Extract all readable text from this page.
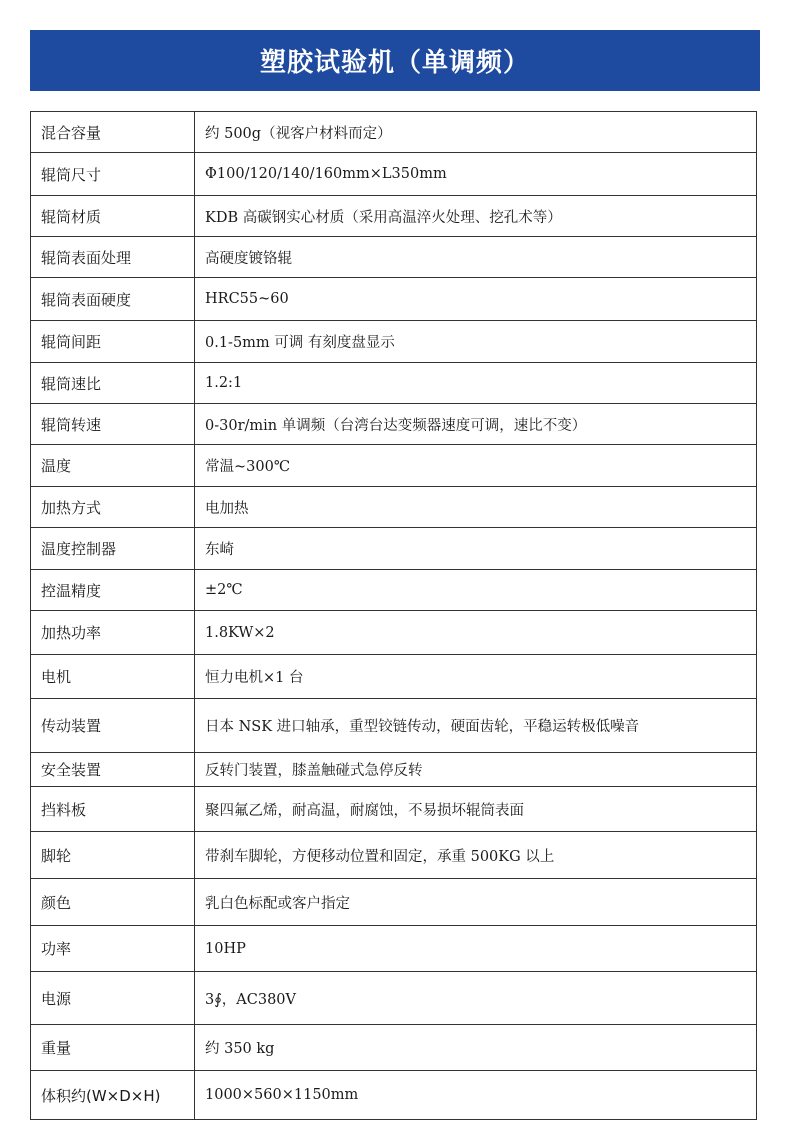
塑胶试验机（单调频）
混合容量	约 500g（视客户材料而定）
辊筒尺寸	Φ100/120/140/160mm×L350mm
辊筒材质	KDB 高碳钢实心材质（采用高温淬火处理、挖孔术等）
辊筒表面处理	高硬度镀铬辊
辊筒表面硬度	HRC55~60
辊筒间距	0.1-5mm 可调 有刻度盘显示
辊筒速比	1.2:1
辊筒转速	0-30r/min 单调频（台湾台达变频器速度可调，速比不变）
温度	常温~300℃
加热方式	电加热
温度控制器	东崎
控温精度	±2℃
加热功率	1.8KW×2
电机	恒力电机×1 台
传动装置	日本 NSK 进口轴承，重型铰链传动，硬面齿轮，平稳运转极低噪音
安全装置	反转门装置，膝盖触碰式急停反转
挡料板	聚四氟乙烯，耐高温，耐腐蚀，不易损坏辊筒表面
脚轮	带刹车脚轮，方便移动位置和固定，承重 500KG 以上
颜色	乳白色标配或客户指定
功率	10HP
电源	3∮，AC380V
重量	约 350 kg
体积约(W×D×H)	1000×560×1150mm
